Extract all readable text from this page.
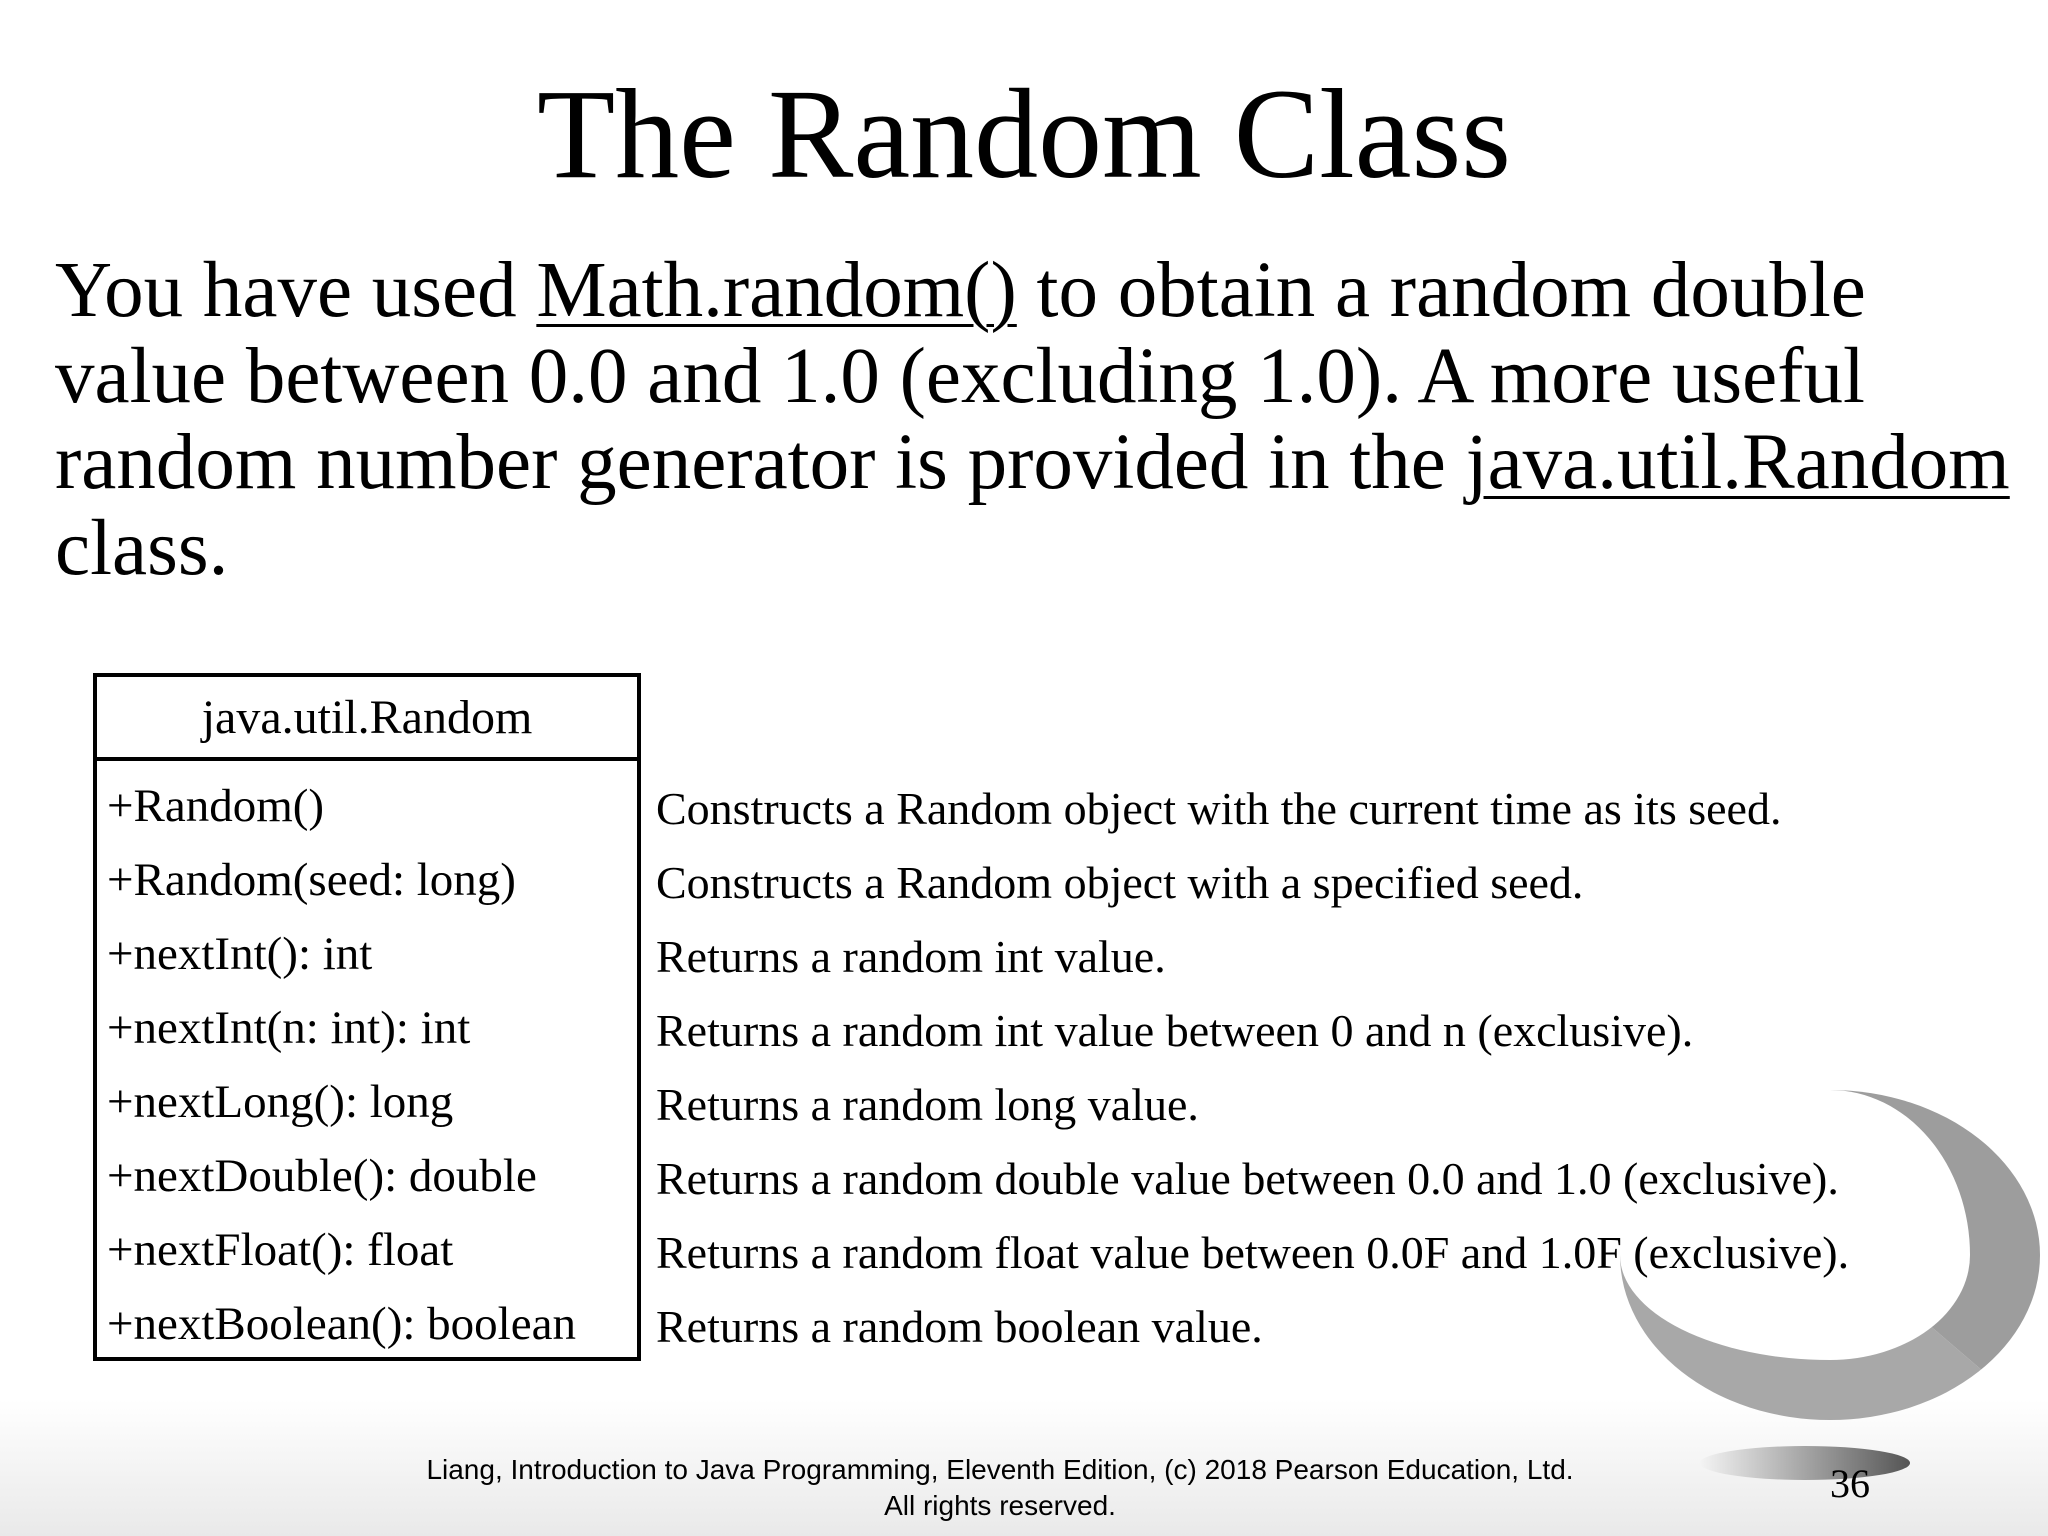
The Random Class
You have used Math.random() to obtain a random double
value between 0.0 and 1.0 (excluding 1.0). A more useful
random number generator is provided in the java.util.Random
class.
java.util.Random
+Random()
+Random(seed: long)
+nextInt(): int
+nextInt(n: int): int
+nextLong(): long
+nextDouble(): double
+nextFloat(): float
+nextBoolean(): boolean
Constructs a Random object with the current time as its seed.
Constructs a Random object with a specified seed.
Returns a random int value.
Returns a random int value between 0 and n (exclusive).
Returns a random long value.
Returns a random double value between 0.0 and 1.0 (exclusive).
Returns a random float value between 0.0F and 1.0F (exclusive).
Returns a random boolean value.
Liang, Introduction to Java Programming, Eleventh Edition, (c) 2018 Pearson Education, Ltd.
All rights reserved.	36
